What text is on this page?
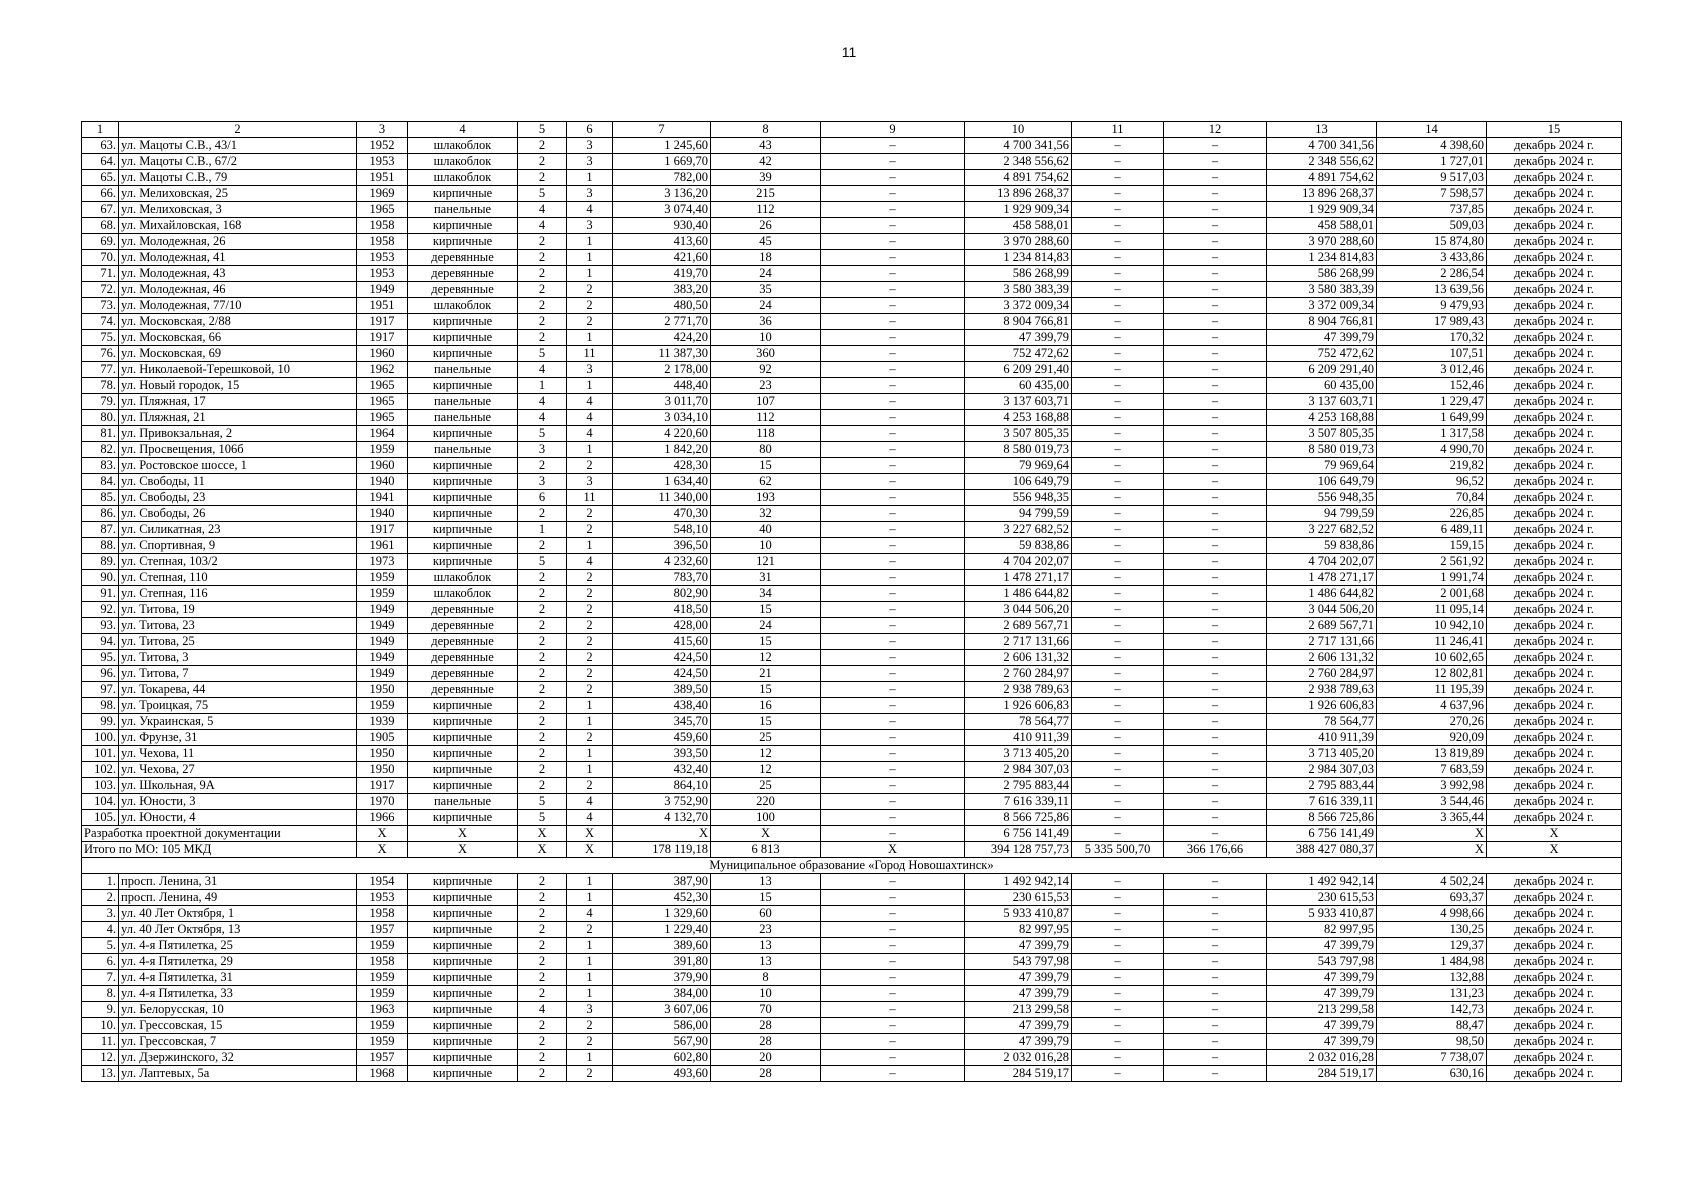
11
1	2	3	4	5	6	7	8	9	10	11	12	13	14	15
63.	ул. Мацоты С.В., 43/1	1952	шлакоблок	2	3	1 245,60	43	–	4 700 341,56	–	–	4 700 341,56	4 398,60	декабрь 2024 г.
64.	ул. Мацоты С.В., 67/2	1953	шлакоблок	2	3	1 669,70	42	–	2 348 556,62	–	–	2 348 556,62	1 727,01	декабрь 2024 г.
65.	ул. Мацоты С.В., 79	1951	шлакоблок	2	1	782,00	39	–	4 891 754,62	–	–	4 891 754,62	9 517,03	декабрь 2024 г.
66.	ул. Мелиховская, 25	1969	кирпичные	5	3	3 136,20	215	–	13 896 268,37	–	–	13 896 268,37	7 598,57	декабрь 2024 г.
67.	ул. Мелиховская, 3	1965	панельные	4	4	3 074,40	112	–	1 929 909,34	–	–	1 929 909,34	737,85	декабрь 2024 г.
68.	ул. Михайловская, 168	1958	кирпичные	4	3	930,40	26	–	458 588,01	–	–	458 588,01	509,03	декабрь 2024 г.
69.	ул. Молодежная, 26	1958	кирпичные	2	1	413,60	45	–	3 970 288,60	–	–	3 970 288,60	15 874,80	декабрь 2024 г.
70.	ул. Молодежная, 41	1953	деревянные	2	1	421,60	18	–	1 234 814,83	–	–	1 234 814,83	3 433,86	декабрь 2024 г.
71.	ул. Молодежная, 43	1953	деревянные	2	1	419,70	24	–	586 268,99	–	–	586 268,99	2 286,54	декабрь 2024 г.
72.	ул. Молодежная, 46	1949	деревянные	2	2	383,20	35	–	3 580 383,39	–	–	3 580 383,39	13 639,56	декабрь 2024 г.
73.	ул. Молодежная, 77/10	1951	шлакоблок	2	2	480,50	24	–	3 372 009,34	–	–	3 372 009,34	9 479,93	декабрь 2024 г.
74.	ул. Московская, 2/88	1917	кирпичные	2	2	2 771,70	36	–	8 904 766,81	–	–	8 904 766,81	17 989,43	декабрь 2024 г.
75.	ул. Московская, 66	1917	кирпичные	2	1	424,20	10	–	47 399,79	–	–	47 399,79	170,32	декабрь 2024 г.
76.	ул. Московская, 69	1960	кирпичные	5	11	11 387,30	360	–	752 472,62	–	–	752 472,62	107,51	декабрь 2024 г.
77.	ул. Николаевой-Терешковой, 10	1962	панельные	4	3	2 178,00	92	–	6 209 291,40	–	–	6 209 291,40	3 012,46	декабрь 2024 г.
78.	ул. Новый городок, 15	1965	кирпичные	1	1	448,40	23	–	60 435,00	–	–	60 435,00	152,46	декабрь 2024 г.
79.	ул. Пляжная, 17	1965	панельные	4	4	3 011,70	107	–	3 137 603,71	–	–	3 137 603,71	1 229,47	декабрь 2024 г.
80.	ул. Пляжная, 21	1965	панельные	4	4	3 034,10	112	–	4 253 168,88	–	–	4 253 168,88	1 649,99	декабрь 2024 г.
81.	ул. Привокзальная, 2	1964	кирпичные	5	4	4 220,60	118	–	3 507 805,35	–	–	3 507 805,35	1 317,58	декабрь 2024 г.
82.	ул. Просвещения, 106б	1959	панельные	3	1	1 842,20	80	–	8 580 019,73	–	–	8 580 019,73	4 990,70	декабрь 2024 г.
83.	ул. Ростовское шоссе, 1	1960	кирпичные	2	2	428,30	15	–	79 969,64	–	–	79 969,64	219,82	декабрь 2024 г.
84.	ул. Свободы, 11	1940	кирпичные	3	3	1 634,40	62	–	106 649,79	–	–	106 649,79	96,52	декабрь 2024 г.
85.	ул. Свободы, 23	1941	кирпичные	6	11	11 340,00	193	–	556 948,35	–	–	556 948,35	70,84	декабрь 2024 г.
86.	ул. Свободы, 26	1940	кирпичные	2	2	470,30	32	–	94 799,59	–	–	94 799,59	226,85	декабрь 2024 г.
87.	ул. Силикатная, 23	1917	кирпичные	1	2	548,10	40	–	3 227 682,52	–	–	3 227 682,52	6 489,11	декабрь 2024 г.
88.	ул. Спортивная, 9	1961	кирпичные	2	1	396,50	10	–	59 838,86	–	–	59 838,86	159,15	декабрь 2024 г.
89.	ул. Степная, 103/2	1973	кирпичные	5	4	4 232,60	121	–	4 704 202,07	–	–	4 704 202,07	2 561,92	декабрь 2024 г.
90.	ул. Степная, 110	1959	шлакоблок	2	2	783,70	31	–	1 478 271,17	–	–	1 478 271,17	1 991,74	декабрь 2024 г.
91.	ул. Степная, 116	1959	шлакоблок	2	2	802,90	34	–	1 486 644,82	–	–	1 486 644,82	2 001,68	декабрь 2024 г.
92.	ул. Титова, 19	1949	деревянные	2	2	418,50	15	–	3 044 506,20	–	–	3 044 506,20	11 095,14	декабрь 2024 г.
93.	ул. Титова, 23	1949	деревянные	2	2	428,00	24	–	2 689 567,71	–	–	2 689 567,71	10 942,10	декабрь 2024 г.
94.	ул. Титова, 25	1949	деревянные	2	2	415,60	15	–	2 717 131,66	–	–	2 717 131,66	11 246,41	декабрь 2024 г.
95.	ул. Титова, 3	1949	деревянные	2	2	424,50	12	–	2 606 131,32	–	–	2 606 131,32	10 602,65	декабрь 2024 г.
96.	ул. Титова, 7	1949	деревянные	2	2	424,50	21	–	2 760 284,97	–	–	2 760 284,97	12 802,81	декабрь 2024 г.
97.	ул. Токарева, 44	1950	деревянные	2	2	389,50	15	–	2 938 789,63	–	–	2 938 789,63	11 195,39	декабрь 2024 г.
98.	ул. Троицкая, 75	1959	кирпичные	2	1	438,40	16	–	1 926 606,83	–	–	1 926 606,83	4 637,96	декабрь 2024 г.
99.	ул. Украинская, 5	1939	кирпичные	2	1	345,70	15	–	78 564,77	–	–	78 564,77	270,26	декабрь 2024 г.
100.	ул. Фрунзе, 31	1905	кирпичные	2	2	459,60	25	–	410 911,39	–	–	410 911,39	920,09	декабрь 2024 г.
101.	ул. Чехова, 11	1950	кирпичные	2	1	393,50	12	–	3 713 405,20	–	–	3 713 405,20	13 819,89	декабрь 2024 г.
102.	ул. Чехова, 27	1950	кирпичные	2	1	432,40	12	–	2 984 307,03	–	–	2 984 307,03	7 683,59	декабрь 2024 г.
103.	ул. Школьная, 9А	1917	кирпичные	2	2	864,10	25	–	2 795 883,44	–	–	2 795 883,44	3 992,98	декабрь 2024 г.
104.	ул. Юности, 3	1970	панельные	5	4	3 752,90	220	–	7 616 339,11	–	–	7 616 339,11	3 544,46	декабрь 2024 г.
105.	ул. Юности, 4	1966	кирпичные	5	4	4 132,70	100	–	8 566 725,86	–	–	8 566 725,86	3 365,44	декабрь 2024 г.
Разработка проектной документации		X	X	X	X	X	X	–	6 756 141,49	–	–	6 756 141,49	X	X
Итого по МО: 105 МКД		X	X	X	X	178 119,18	6 813	X	394 128 757,73	5 335 500,70	366 176,66	388 427 080,37	X	X
Муниципальное образование «Город Новошахтинск»														
1.	просп. Ленина, 31	1954	кирпичные	2	1	387,90	13	–	1 492 942,14	–	–	1 492 942,14	4 502,24	декабрь 2024 г.
2.	просп. Ленина, 49	1953	кирпичные	2	1	452,30	15	–	230 615,53	–	–	230 615,53	693,37	декабрь 2024 г.
3.	ул. 40 Лет Октября, 1	1958	кирпичные	2	4	1 329,60	60	–	5 933 410,87	–	–	5 933 410,87	4 998,66	декабрь 2024 г.
4.	ул. 40 Лет Октября, 13	1957	кирпичные	2	2	1 229,40	23	–	82 997,95	–	–	82 997,95	130,25	декабрь 2024 г.
5.	ул. 4-я Пятилетка, 25	1959	кирпичные	2	1	389,60	13	–	47 399,79	–	–	47 399,79	129,37	декабрь 2024 г.
6.	ул. 4-я Пятилетка, 29	1958	кирпичные	2	1	391,80	13	–	543 797,98	–	–	543 797,98	1 484,98	декабрь 2024 г.
7.	ул. 4-я Пятилетка, 31	1959	кирпичные	2	1	379,90	8	–	47 399,79	–	–	47 399,79	132,88	декабрь 2024 г.
8.	ул. 4-я Пятилетка, 33	1959	кирпичные	2	1	384,00	10	–	47 399,79	–	–	47 399,79	131,23	декабрь 2024 г.
9.	ул. Белорусская, 10	1963	кирпичные	4	3	3 607,06	70	–	213 299,58	–	–	213 299,58	142,73	декабрь 2024 г.
10.	ул. Грессовская, 15	1959	кирпичные	2	2	586,00	28	–	47 399,79	–	–	47 399,79	88,47	декабрь 2024 г.
11.	ул. Грессовская, 7	1959	кирпичные	2	2	567,90	28	–	47 399,79	–	–	47 399,79	98,50	декабрь 2024 г.
12.	ул. Дзержинского, 32	1957	кирпичные	2	1	602,80	20	–	2 032 016,28	–	–	2 032 016,28	7 738,07	декабрь 2024 г.
13.	ул. Лаптевых, 5а	1968	кирпичные	2	2	493,60	28	–	284 519,17	–	–	284 519,17	630,16	декабрь 2024 г.
